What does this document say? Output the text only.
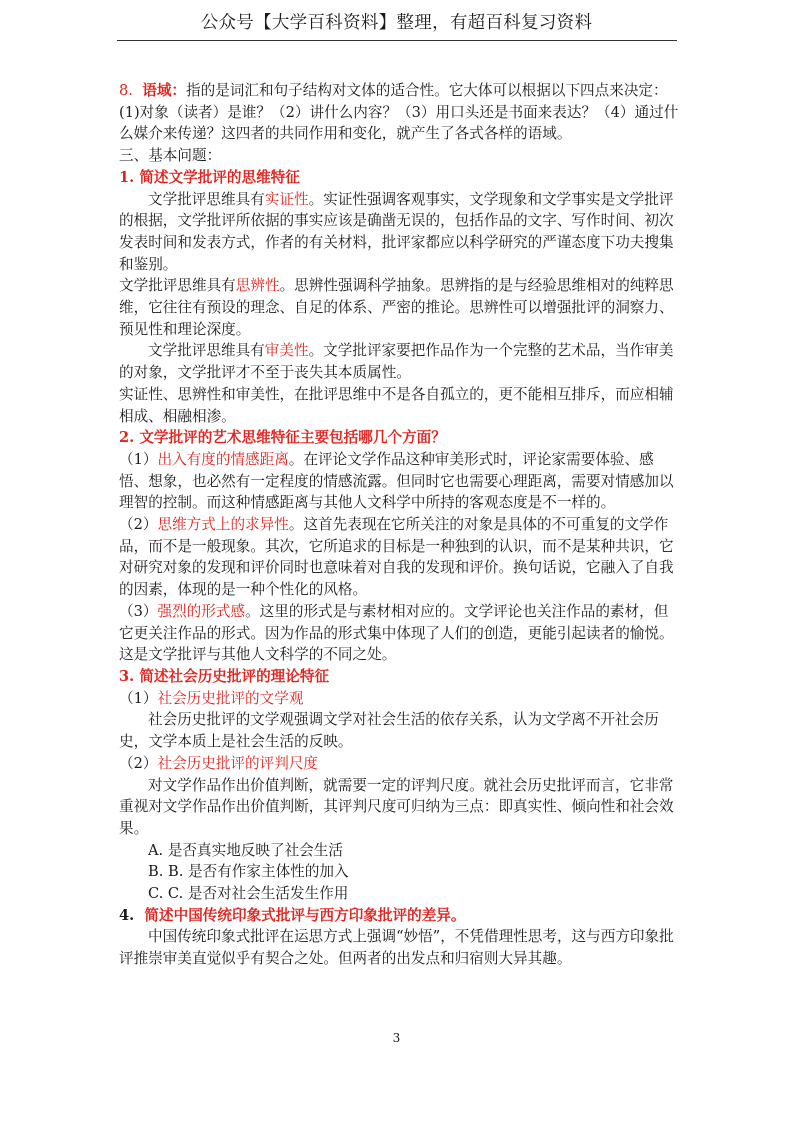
公众号【大学百科资料】整理，有超百科复习资料

8. 语域：指的是词汇和句子结构对文体的适合性。它大体可以根据以下四点来决定：(1)对象（读者）是谁？（2）讲什么内容？（3）用口头还是书面来表达？（4）通过什么媒介来传递？这四者的共同作用和变化，就产生了各式各样的语域。

三、基本问题：

1. 简述文学批评的思维特征

文学批评思维具有实证性。实证性强调客观事实，文学现象和文学事实是文学批评的根据，文学批评所依据的事实应该是确凿无误的，包括作品的文字、写作时间、初次发表时间和发表方式，作者的有关材料，批评家都应以科学研究的严谨态度下功夫搜集和鉴别。

文学批评思维具有思辨性。思辨性强调科学抽象。思辨指的是与经验思维相对的纯粹思维，它往往有预设的理念、自足的体系、严密的推论。思辨性可以增强批评的洞察力、预见性和理论深度。

文学批评思维具有审美性。文学批评家要把作品作为一个完整的艺术品，当作审美的对象，文学批评才不至于丧失其本质属性。

实证性、思辨性和审美性，在批评思维中不是各自孤立的，更不能相互排斥，而应相辅相成、相融相渗。

2. 文学批评的艺术思维特征主要包括哪几个方面？

（1）出入有度的情感距离。在评论文学作品这种审美形式时，评论家需要体验、感悟、想象，也必然有一定程度的情感流露。但同时它也需要心理距离，需要对情感加以理智的控制。而这种情感距离与其他人文科学中所持的客观态度是不一样的。

（2）思维方式上的求异性。这首先表现在它所关注的对象是具体的不可重复的文学作品，而不是一般现象。其次，它所追求的目标是一种独到的认识，而不是某种共识，它对研究对象的发现和评价同时也意味着对自我的发现和评价。换句话说，它融入了自我的因素，体现的是一种个性化的风格。

（3）强烈的形式感。这里的形式是与素材相对应的。文学评论也关注作品的素材，但它更关注作品的形式。因为作品的形式集中体现了人们的创造，更能引起读者的愉悦。这是文学批评与其他人文科学的不同之处。

3. 简述社会历史批评的理论特征

（1）社会历史批评的文学观

社会历史批评的文学观强调文学对社会生活的依存关系，认为文学离不开社会历史，文学本质上是社会生活的反映。

（2）社会历史批评的评判尺度

对文学作品作出价值判断，就需要一定的评判尺度。就社会历史批评而言，它非常重视对文学作品作出价值判断，其评判尺度可归纳为三点：即真实性、倾向性和社会效果。

A. 是否真实地反映了社会生活

B. B. 是否有作家主体性的加入

C. C. 是否对社会生活发生作用

4. 简述中国传统印象式批评与西方印象批评的差异。

中国传统印象式批评在运思方式上强调“妙悟”，不凭借理性思考，这与西方印象批评推崇审美直觉似乎有契合之处。但两者的出发点和归宿则大异其趣。

3
